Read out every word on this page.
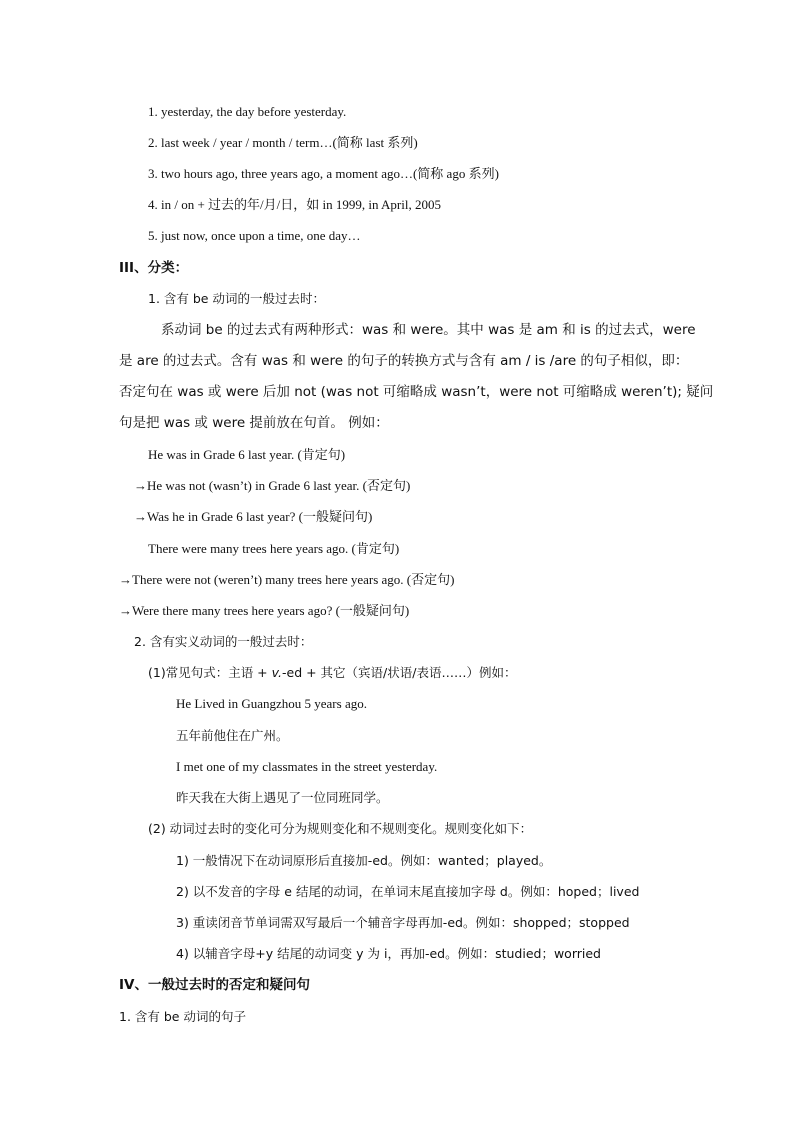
1. yesterday, the day before yesterday.
2. last week / year / month / term…(简称 last 系列)
3. two hours ago, three years ago, a moment ago…(简称 ago 系列)
4. in / on + 过去的年/月/日，如 in 1999, in April, 2005
5. just now, once upon a time, one day…
III、分类：
1. 含有 be 动词的一般过去时：
系动词 be 的过去式有两种形式：was 和 were。其中 was 是 am 和 is 的过去式，were
是 are 的过去式。含有 was 和 were 的句子的转换方式与含有 am / is /are 的句子相似，即：
否定句在 was 或 were 后加 not (was not 可缩略成 wasn’t，were not 可缩略成 weren’t); 疑问
句是把 was 或 were 提前放在句首。 例如：
He was in Grade 6 last year. (肯定句)
→He was not (wasn’t) in Grade 6 last year. (否定句)
→Was he in Grade 6 last year? (一般疑问句)
There were many trees here years ago. (肯定句)
→There were not (weren’t) many trees here years ago. (否定句)
→Were there many trees here years ago? (一般疑问句)
2. 含有实义动词的一般过去时：
(1)常见句式：主语 + v.-ed + 其它（宾语/状语/表语……）例如：
He Lived in Guangzhou 5 years ago.
五年前他住在广州。
I met one of my classmates in the street yesterday.
昨天我在大街上遇见了一位同班同学。
(2) 动词过去时的变化可分为规则变化和不规则变化。规则变化如下：
1) 一般情况下在动词原形后直接加-ed。例如：wanted；played。
2) 以不发音的字母 e 结尾的动词，在单词末尾直接加字母 d。例如：hoped；lived
3) 重读闭音节单词需双写最后一个辅音字母再加-ed。例如：shopped；stopped
4) 以辅音字母+y 结尾的动词变 y 为 i，再加-ed。例如：studied；worried
IV、一般过去时的否定和疑问句
1. 含有 be 动词的句子
